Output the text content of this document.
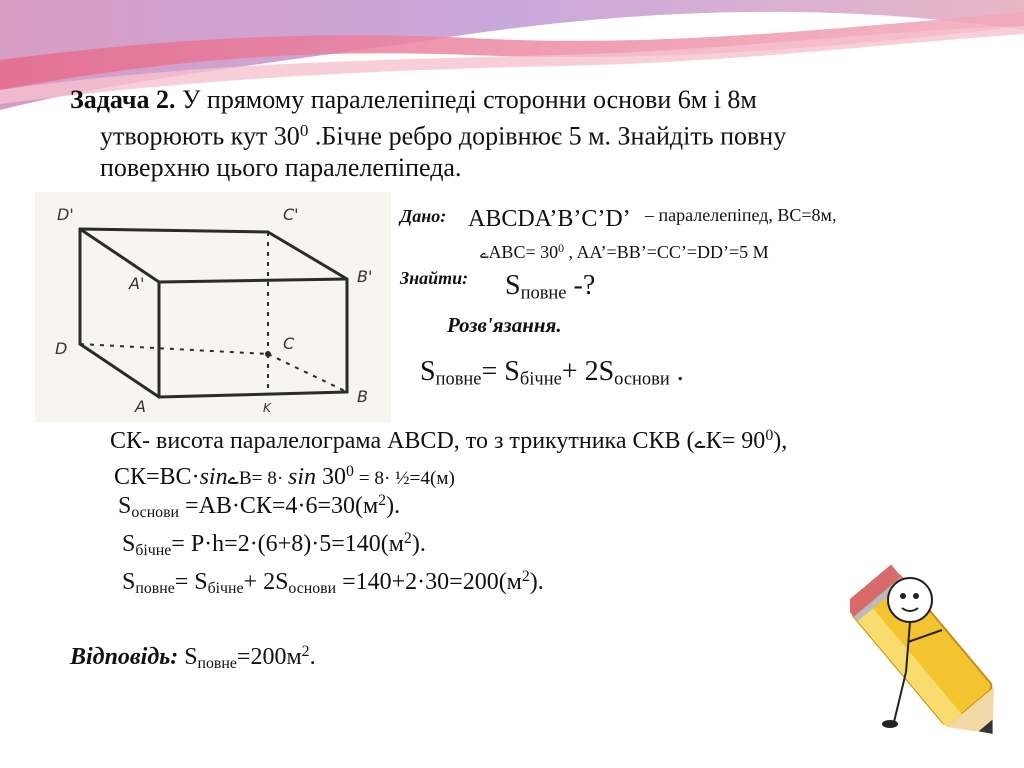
Задача 2. У прямому паралелепіпеді сторонни основи 6м і 8м
утворюють кут $30^0$ .Бічне ребро дорівнює 5 м. Знайдіть повну
поверхню цього паралелепіпеда.
D'	C'
A'	B'
D	C
A	K
B
Дано: ABCDA’B’C’D’ – паралелепіпед, ВС=8м,
ےABC= $30^0$ , AA’=BB’=CC’=DD’=5 М
Знайти: $S_{повне}$ -?
Розв'язання.
$S_{повне}= S_{бічне}+ 2S_{основи}$ .
СК- висота паралелограма АВСD, то з трикутника СКВ (ےК= $90^0$),
СК=ВС·sinےВ= $8\cdot \sin 30^0 = 8\cdot$ ½=4(м)
$S_{основи} =АВ\cdot СК=4\cdot 6=30(м^2)$.
$S_{бічне}= P\cdot h=2\cdot(6+8)\cdot 5=140(м^2)$.
$S_{повне}= S_{бічне}+ 2S_{основи} =140+2\cdot 30=200(м^2)$.
Відповідь: $S_{повне}=200м^2$.
